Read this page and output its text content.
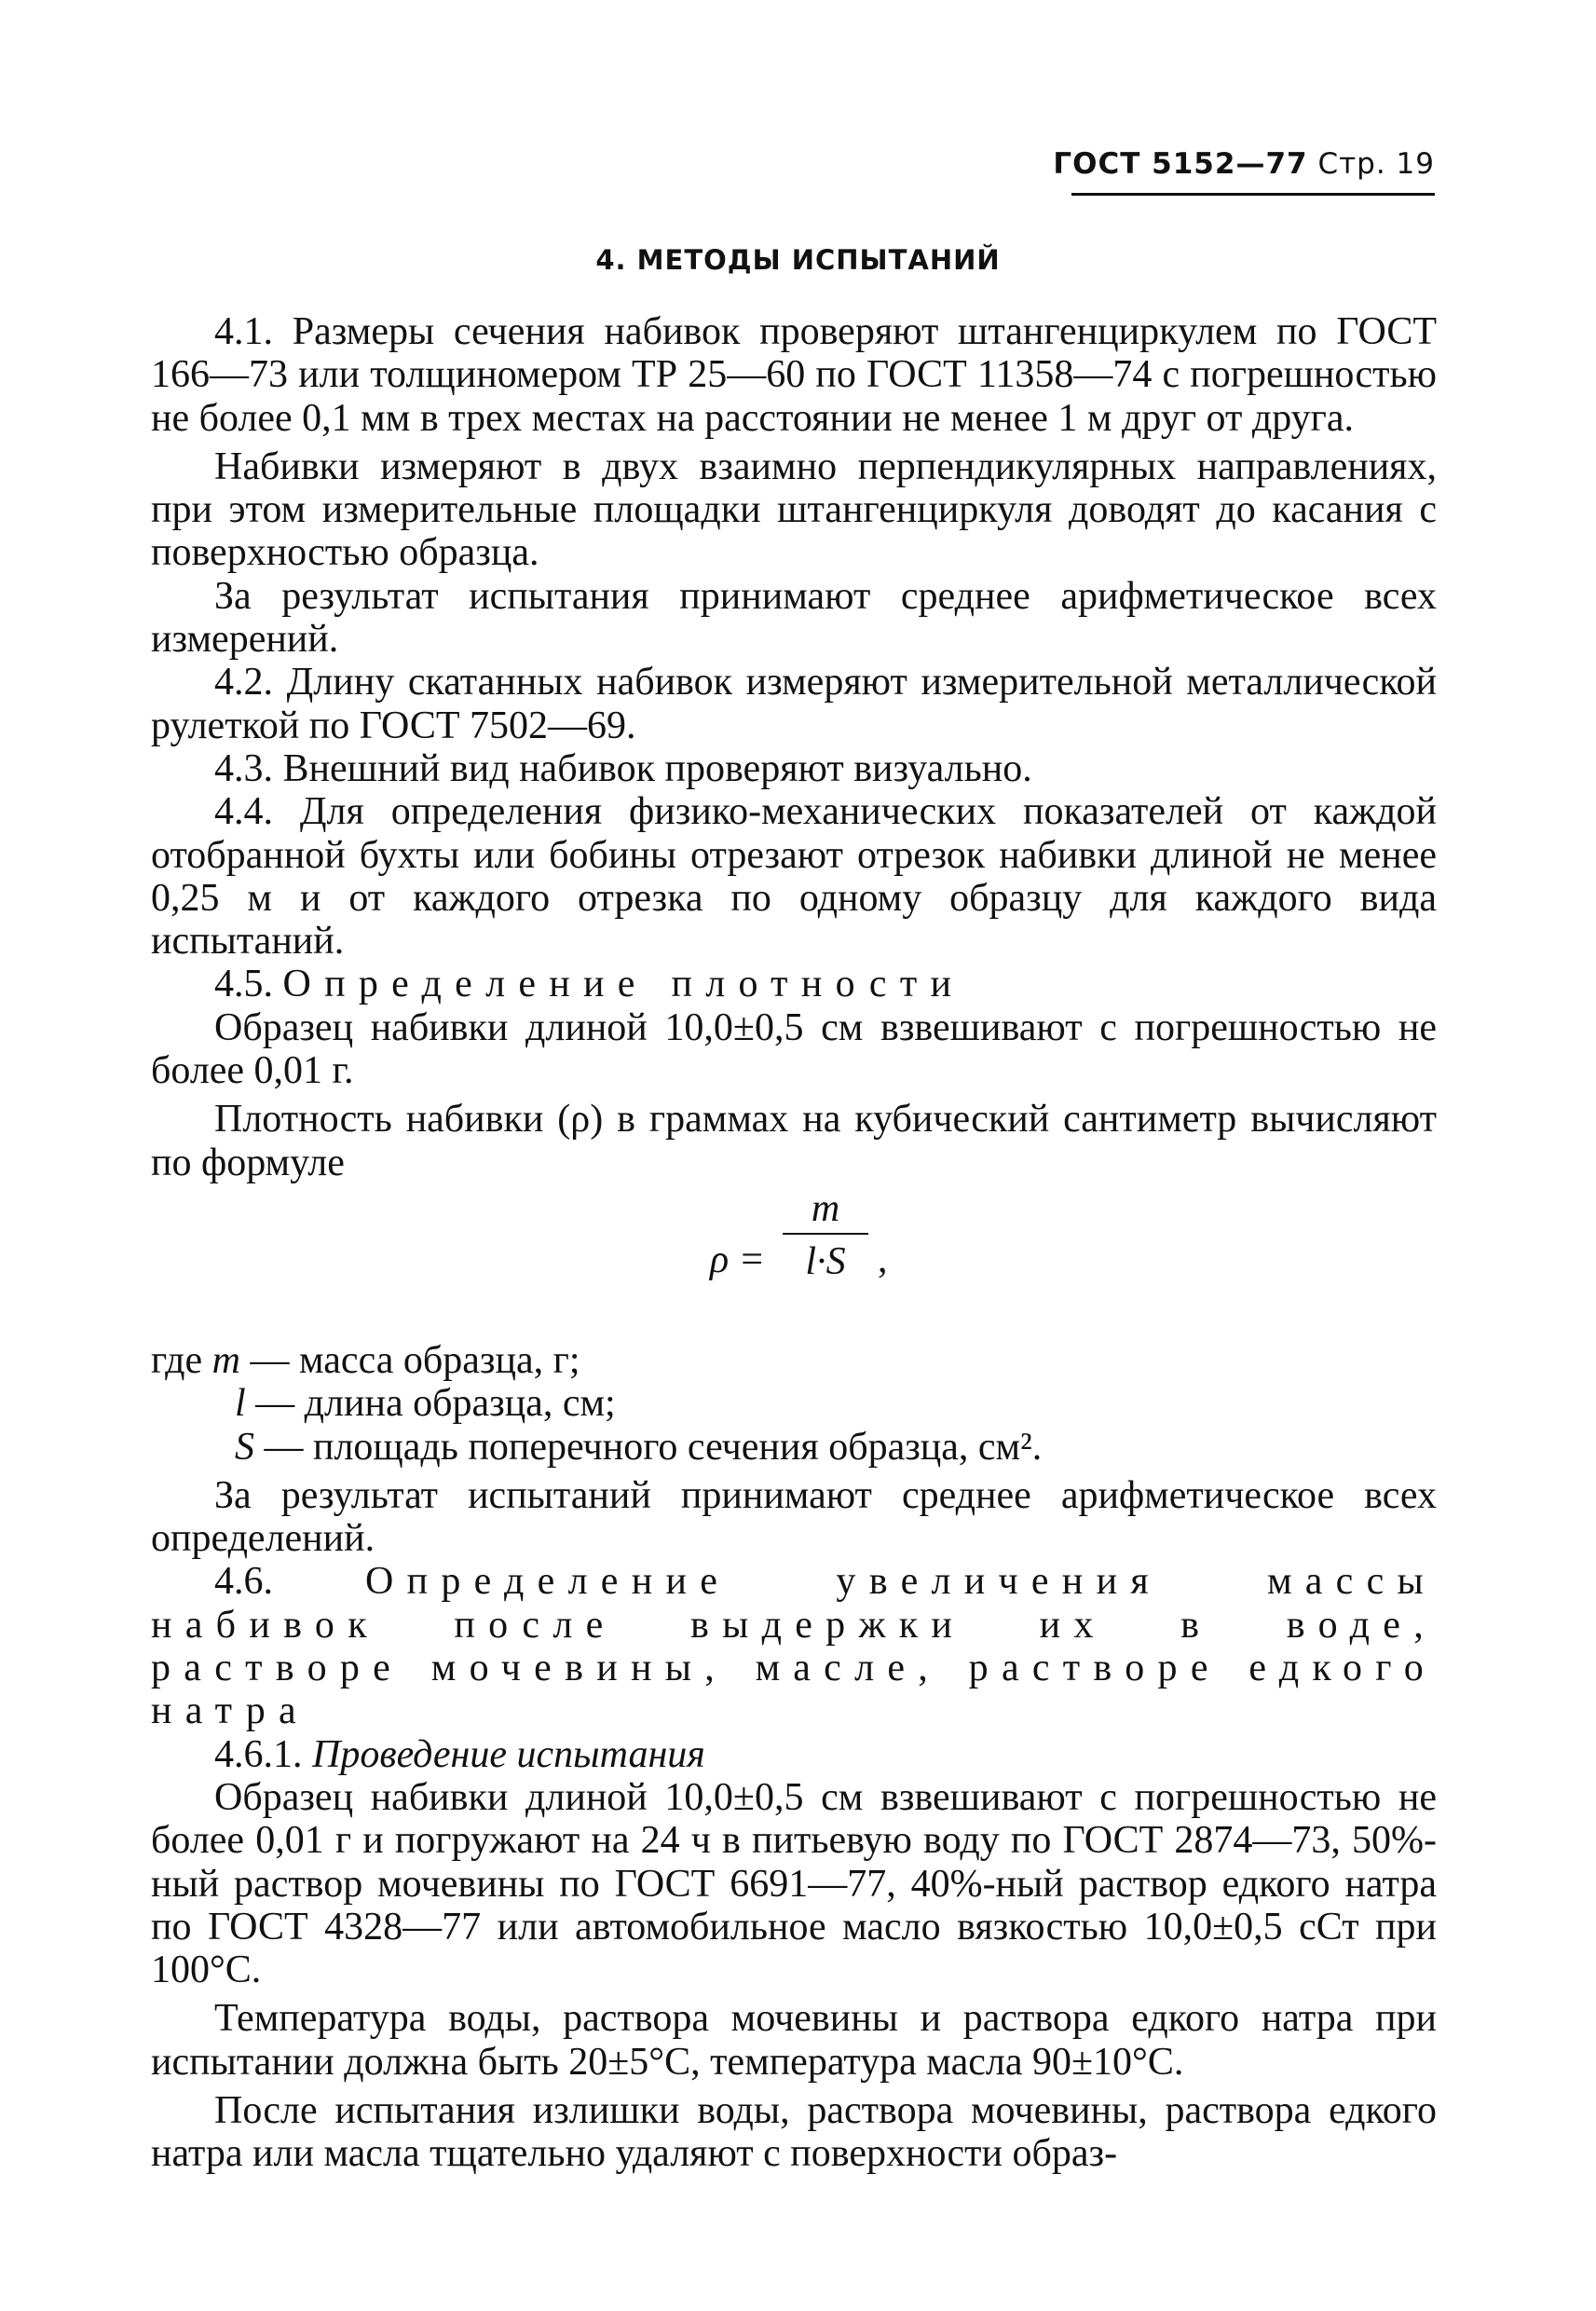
ГОСТ 5152—77 Стр. 19
4. МЕТОДЫ ИСПЫТАНИЙ
4.1. Размеры сечения набивок проверяют штангенциркулем по ГОСТ 166—73 или толщиномером ТР 25—60 по ГОСТ 11358—74 с погрешностью не более 0,1 мм в трех местах на расстоянии не менее 1 м друг от друга.
Набивки измеряют в двух взаимно перпендикулярных направлениях, при этом измерительные площадки штангенциркуля доводят до касания с поверхностью образца.
За результат испытания принимают среднее арифметическое всех измерений.
4.2. Длину скатанных набивок измеряют измерительной металлической рулеткой по ГОСТ 7502—69.
4.3. Внешний вид набивок проверяют визуально.
4.4. Для определения физико-механических показателей от каждой отобранной бухты или бобины отрезают отрезок набивки длиной не менее 0,25 м и от каждого отрезка по одному образцу для каждого вида испытаний.
4.5. Определение плотности
Образец набивки длиной 10,0±0,5 см взвешивают с погрешностью не более 0,01 г.
Плотность набивки (ρ) в граммах на кубический сантиметр вычисляют по формуле
ρ =
m
l·S ,
где m — масса образца, г;
l — длина образца, см;
S — площадь поперечного сечения образца, см².
За результат испытаний принимают среднее арифметическое всех определений.
4.6. Определение увеличения массы набивок после выдержки их в воде, растворе мочевины, масле, растворе едкого натра
4.6.1. Проведение испытания
Образец набивки длиной 10,0±0,5 см взвешивают с погрешностью не более 0,01 г и погружают на 24 ч в питьевую воду по ГОСТ 2874—73, 50%-ный раствор мочевины по ГОСТ 6691—77, 40%-ный раствор едкого натра по ГОСТ 4328—77 или автомобильное масло вязкостью 10,0±0,5 сСт при 100°С.
Температура воды, раствора мочевины и раствора едкого натра при испытании должна быть 20±5°С, температура масла 90±10°С.
После испытания излишки воды, раствора мочевины, раствора едкого натра или масла тщательно удаляют с поверхности образ-
